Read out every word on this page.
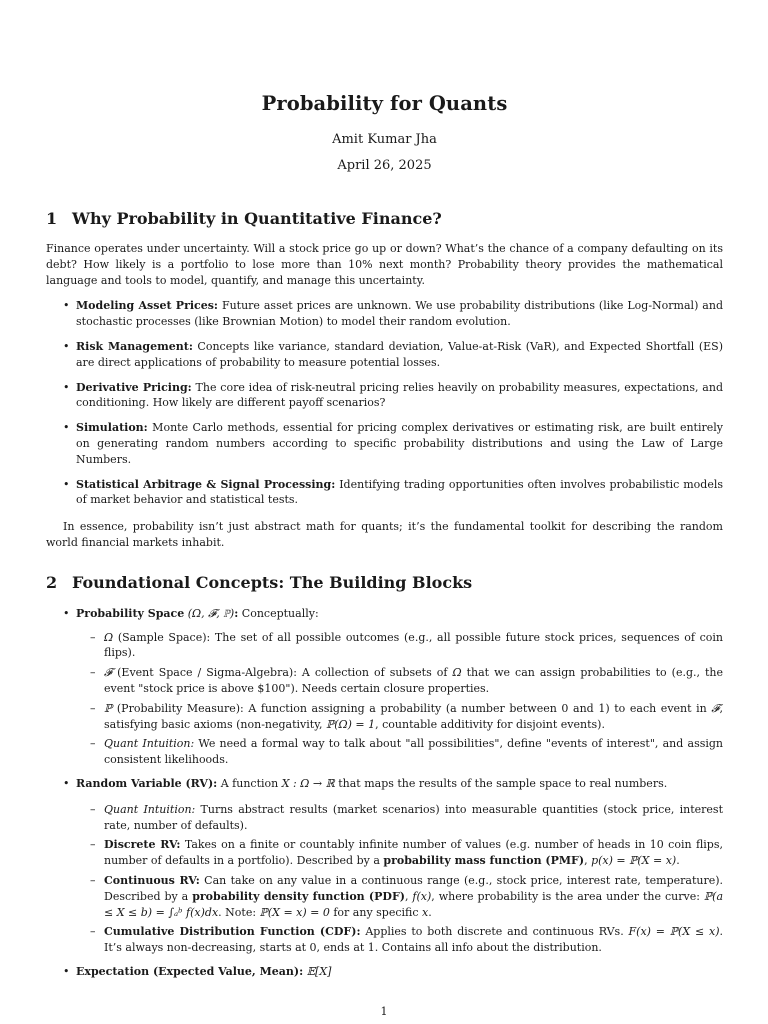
Probability for Quants
Amit Kumar Jha
April 26, 2025
1 Why Probability in Quantitative Finance?

Finance operates under uncertainty. Will a stock price go up or down? What’s the chance of a company defaulting on its debt? How likely is a portfolio to lose more than 10% next month? Probability theory provides the mathematical language and tools to model, quantify, and manage this uncertainty.

• Modeling Asset Prices: Future asset prices are unknown. We use probability distributions (like Log-Normal) and stochastic processes (like Brownian Motion) to model their random evolution.
• Risk Management: Concepts like variance, standard deviation, Value-at-Risk (VaR), and Expected Shortfall (ES) are direct applications of probability to measure potential losses.
• Derivative Pricing: The core idea of risk-neutral pricing relies heavily on probability measures, expectations, and conditioning. How likely are different payoff scenarios?
• Simulation: Monte Carlo methods, essential for pricing complex derivatives or estimating risk, are built entirely on generating random numbers according to specific probability distributions and using the Law of Large Numbers.
• Statistical Arbitrage & Signal Processing: Identifying trading opportunities often involves probabilistic models of market behavior and statistical tests.

In essence, probability isn’t just abstract math for quants; it’s the fundamental toolkit for describing the random world financial markets inhabit.

2 Foundational Concepts: The Building Blocks
• Probability Space (Ω, 𝓕, ℙ): Conceptually:
– Ω (Sample Space): The set of all possible outcomes (e.g., all possible future stock prices, sequences of coin flips).
– 𝓕 (Event Space / Sigma-Algebra): A collection of subsets of Ω that we can assign probabilities to (e.g., the event "stock price is above $100"). Needs certain closure properties.
– ℙ (Probability Measure): A function assigning a probability (a number between 0 and 1) to each event in 𝓕, satisfying basic axioms (non-negativity, ℙ(Ω) = 1, countable additivity for disjoint events).
– Quant Intuition: We need a formal way to talk about "all possibilities", define "events of interest", and assign consistent likelihoods.
• Random Variable (RV): A function X : Ω → ℝ that maps the results of the sample space to real numbers.
– Quant Intuition: Turns abstract results (market scenarios) into measurable quantities (stock price, interest rate, number of defaults).
– Discrete RV: Takes on a finite or countably infinite number of values (e.g. number of heads in 10 coin flips, number of defaults in a portfolio). Described by a probability mass function (PMF), p(x) = ℙ(X = x).
– Continuous RV: Can take on any value in a continuous range (e.g., stock price, interest rate, temperature). Described by a probability density function (PDF), f(x), where probability is the area under the curve: ℙ(a ≤ X ≤ b) = ∫ₐᵇ f(x)dx. Note: ℙ(X = x) = 0 for any specific x.
– Cumulative Distribution Function (CDF): Applies to both discrete and continuous RVs. F(x) = ℙ(X ≤ x). It’s always non-decreasing, starts at 0, ends at 1. Contains all info about the distribution.
• Expectation (Expected Value, Mean): 𝔼[X]
1
